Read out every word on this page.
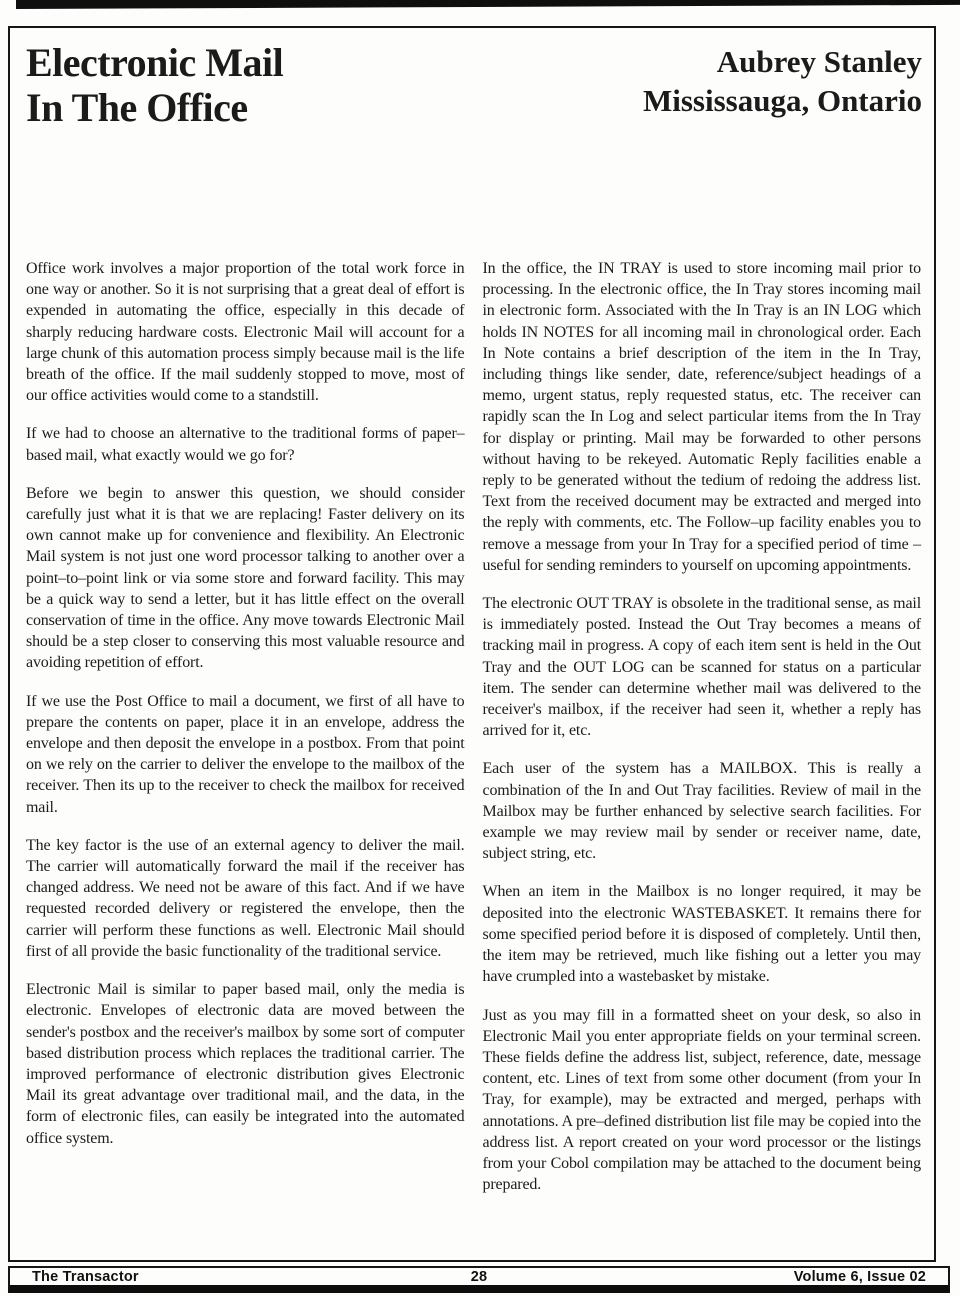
Electronic Mail
In The Office
Aubrey Stanley
Mississauga, Ontario

Office work involves a major proportion of the total work force in one way or another. So it is not surprising that a great deal of effort is expended in automating the office, especially in this decade of sharply reducing hardware costs. Electronic Mail will account for a large chunk of this automation process simply because mail is the life breath of the office. If the mail suddenly stopped to move, most of our office activities would come to a standstill.

If we had to choose an alternative to the traditional forms of paper–based mail, what exactly would we go for?

Before we begin to answer this question, we should consider carefully just what it is that we are replacing! Faster delivery on its own cannot make up for convenience and flexibility. An Electronic Mail system is not just one word processor talking to another over a point–to–point link or via some store and forward facility. This may be a quick way to send a letter, but it has little effect on the overall conservation of time in the office. Any move towards Electronic Mail should be a step closer to conserving this most valuable resource and avoiding repetition of effort.

If we use the Post Office to mail a document, we first of all have to prepare the contents on paper, place it in an envelope, address the envelope and then deposit the envelope in a postbox. From that point on we rely on the carrier to deliver the envelope to the mailbox of the receiver. Then its up to the receiver to check the mailbox for received mail.

The key factor is the use of an external agency to deliver the mail. The carrier will automatically forward the mail if the receiver has changed address. We need not be aware of this fact. And if we have requested recorded delivery or registered the envelope, then the carrier will perform these functions as well. Electronic Mail should first of all provide the basic functionality of the traditional service.

Electronic Mail is similar to paper based mail, only the media is electronic. Envelopes of electronic data are moved between the sender's postbox and the receiver's mailbox by some sort of computer based distribution process which replaces the traditional carrier. The improved performance of electronic distribution gives Electronic Mail its great advantage over traditional mail, and the data, in the form of electronic files, can easily be integrated into the automated office system.

In the office, the IN TRAY is used to store incoming mail prior to processing. In the electronic office, the In Tray stores incoming mail in electronic form. Associated with the In Tray is an IN LOG which holds IN NOTES for all incoming mail in chronological order. Each In Note contains a brief description of the item in the In Tray, including things like sender, date, reference/subject headings of a memo, urgent status, reply requested status, etc. The receiver can rapidly scan the In Log and select particular items from the In Tray for display or printing. Mail may be forwarded to other persons without having to be rekeyed. Automatic Reply facilities enable a reply to be generated without the tedium of redoing the address list. Text from the received document may be extracted and merged into the reply with comments, etc. The Follow–up facility enables you to remove a message from your In Tray for a specified period of time – useful for sending reminders to yourself on upcoming appointments.

The electronic OUT TRAY is obsolete in the traditional sense, as mail is immediately posted. Instead the Out Tray becomes a means of tracking mail in progress. A copy of each item sent is held in the Out Tray and the OUT LOG can be scanned for status on a particular item. The sender can determine whether mail was delivered to the receiver's mailbox, if the receiver had seen it, whether a reply has arrived for it, etc.

Each user of the system has a MAILBOX. This is really a combination of the In and Out Tray facilities. Review of mail in the Mailbox may be further enhanced by selective search facilities. For example we may review mail by sender or receiver name, date, subject string, etc.

When an item in the Mailbox is no longer required, it may be deposited into the electronic WASTEBASKET. It remains there for some specified period before it is disposed of completely. Until then, the item may be retrieved, much like fishing out a letter you may have crumpled into a wastebasket by mistake.

Just as you may fill in a formatted sheet on your desk, so also in Electronic Mail you enter appropriate fields on your terminal screen. These fields define the address list, subject, reference, date, message content, etc. Lines of text from some other document (from your In Tray, for example), may be extracted and merged, perhaps with annotations. A pre–defined distribution list file may be copied into the address list. A report created on your word processor or the listings from your Cobol compilation may be attached to the document being prepared.

The Transactor	28	Volume 6, Issue 02
